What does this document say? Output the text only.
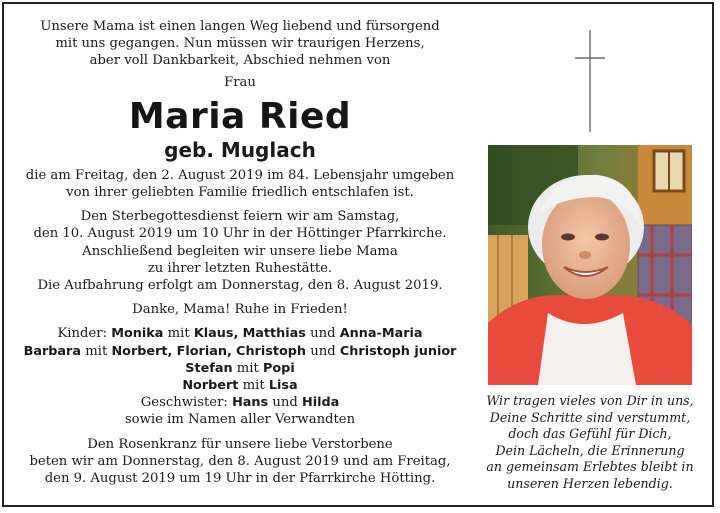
Unsere Mama ist einen langen Weg liebend und fürsorgend

mit uns gegangen. Nun müssen wir traurigen Herzens,

aber voll Dankbarkeit, Abschied nehmen von

Frau

Maria Ried

geb. Muglach

die am Freitag, den 2. August 2019 im 84. Lebensjahr umgeben

von ihrer geliebten Familie friedlich entschlafen ist.

Den Sterbegottesdienst feiern wir am Samstag,

den 10. August 2019 um 10 Uhr in der Höttinger Pfarrkirche.

Anschließend begleiten wir unsere liebe Mama

zu ihrer letzten Ruhestätte.

Die Aufbahrung erfolgt am Donnerstag, den 8. August 2019.

Danke, Mama! Ruhe in Frieden!

Kinder: Monika mit Klaus, Matthias und Anna-Maria

Barbara mit Norbert, Florian, Christoph und Christoph junior

Stefan mit Popi

Norbert mit Lisa

Geschwister: Hans und Hilda

sowie im Namen aller Verwandten

Den Rosenkranz für unsere liebe Verstorbene

beten wir am Donnerstag, den 8. August 2019 und am Freitag,

den 9. August 2019 um 19 Uhr in der Pfarrkirche Hötting.

Wir tragen vieles von Dir in uns,

Deine Schritte sind verstummt,

doch das Gefühl für Dich,

Dein Lächeln, die Erinnerung

an gemeinsam Erlebtes bleibt in

unseren Herzen lebendig.
